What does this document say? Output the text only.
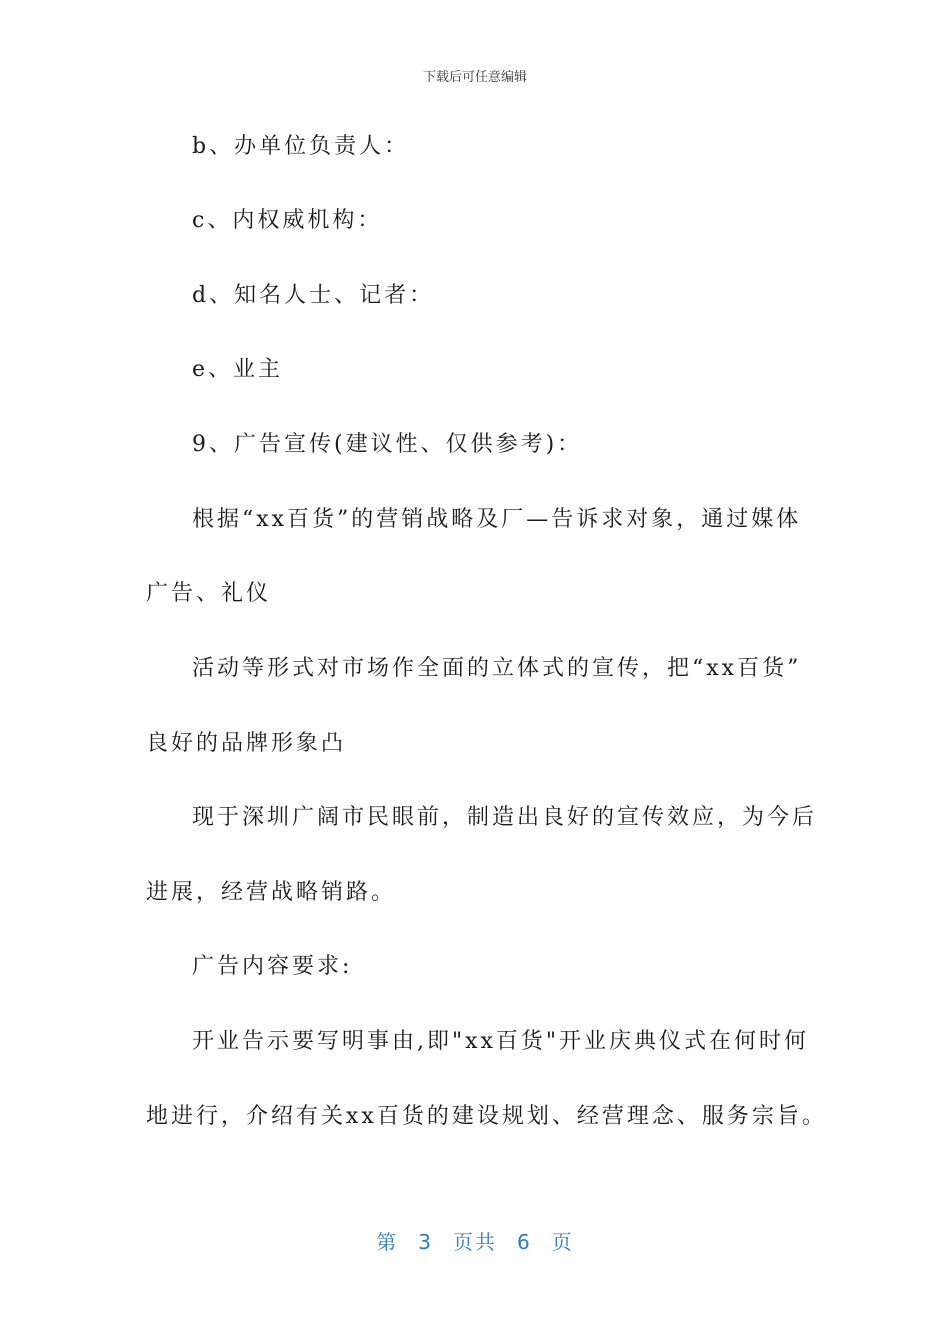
下载后可任意编辑
b、办单位负责人：
c、内权威机构：
d、知名人士、记者：
e、业主
9、广告宣传(建议性、仅供参考)：
根据“xx百货”的营销战略及厂—告诉求对象，通过媒体
广告、礼仪
活动等形式对市场作全面的立体式的宣传，把“xx百货”
良好的品牌形象凸
现于深圳广阔市民眼前，制造出良好的宣传效应，为今后
进展，经营战略销路。
广告内容要求:
开业告示要写明事由,即"xx百货"开业庆典仪式在何时何
地进行，介绍有关xx百货的建设规划、经营理念、服务宗旨。
第 3 页共 6 页
